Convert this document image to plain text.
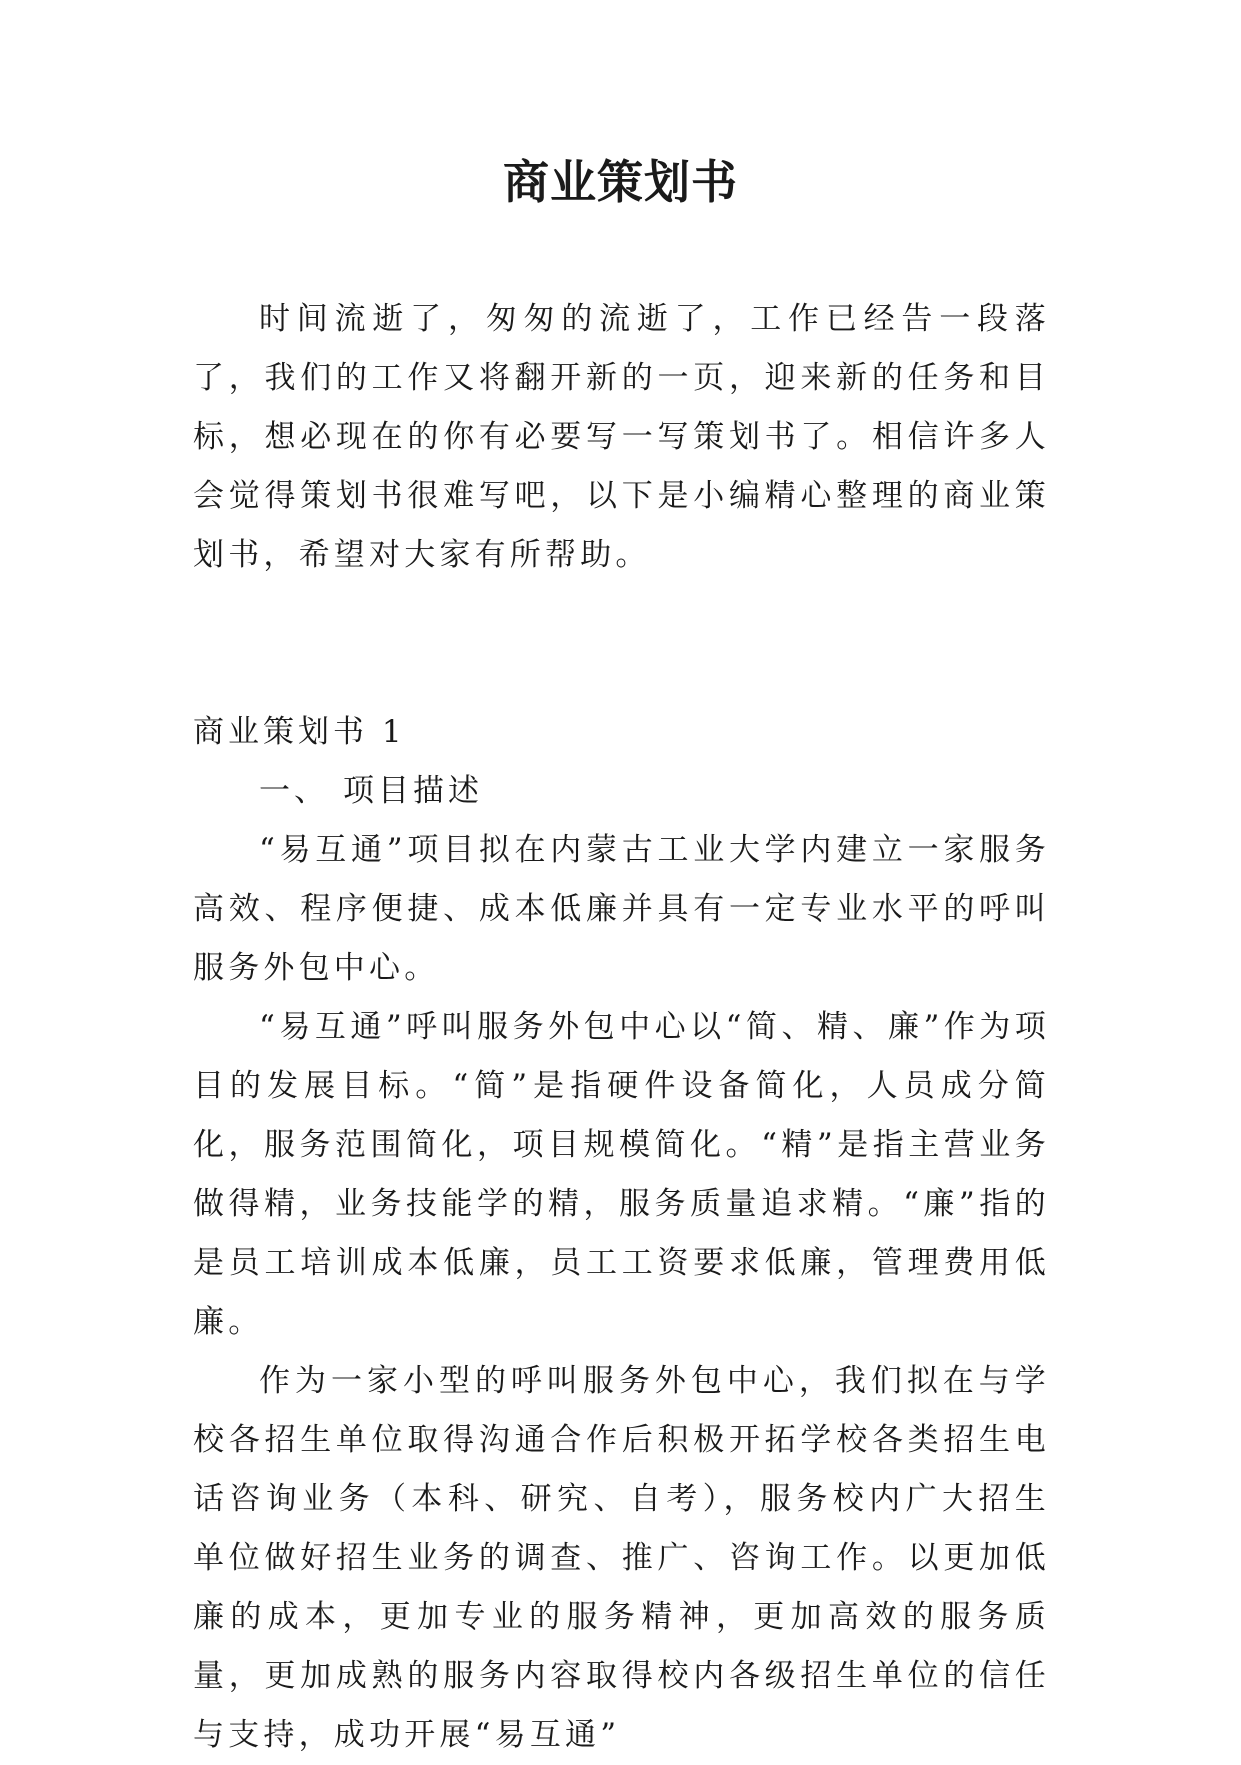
商业策划书

时间流逝了，匆匆的流逝了，工作已经告一段落了，我们的工作又将翻开新的一页，迎来新的任务和目标，想必现在的你有必要写一写策划书了。相信许多人会觉得策划书很难写吧，以下是小编精心整理的商业策划书，希望对大家有所帮助。

商业策划书 1

一、 项目描述

“易互通”项目拟在内蒙古工业大学内建立一家服务高效、程序便捷、成本低廉并具有一定专业水平的呼叫服务外包中心。

“易互通”呼叫服务外包中心以“简、精、廉”作为项目的发展目标。“简”是指硬件设备简化，人员成分简化，服务范围简化，项目规模简化。“精”是指主营业务做得精，业务技能学的精，服务质量追求精。“廉”指的是员工培训成本低廉，员工工资要求低廉，管理费用低廉。

作为一家小型的呼叫服务外包中心，我们拟在与学校各招生单位取得沟通合作后积极开拓学校各类招生电话咨询业务（本科、研究、自考），服务校内广大招生单位做好招生业务的调查、推广、咨询工作。以更加低廉的成本，更加专业的服务精神，更加高效的服务质量，更加成熟的服务内容取得校内各级招生单位的信任与支持，成功开展“易互通”
